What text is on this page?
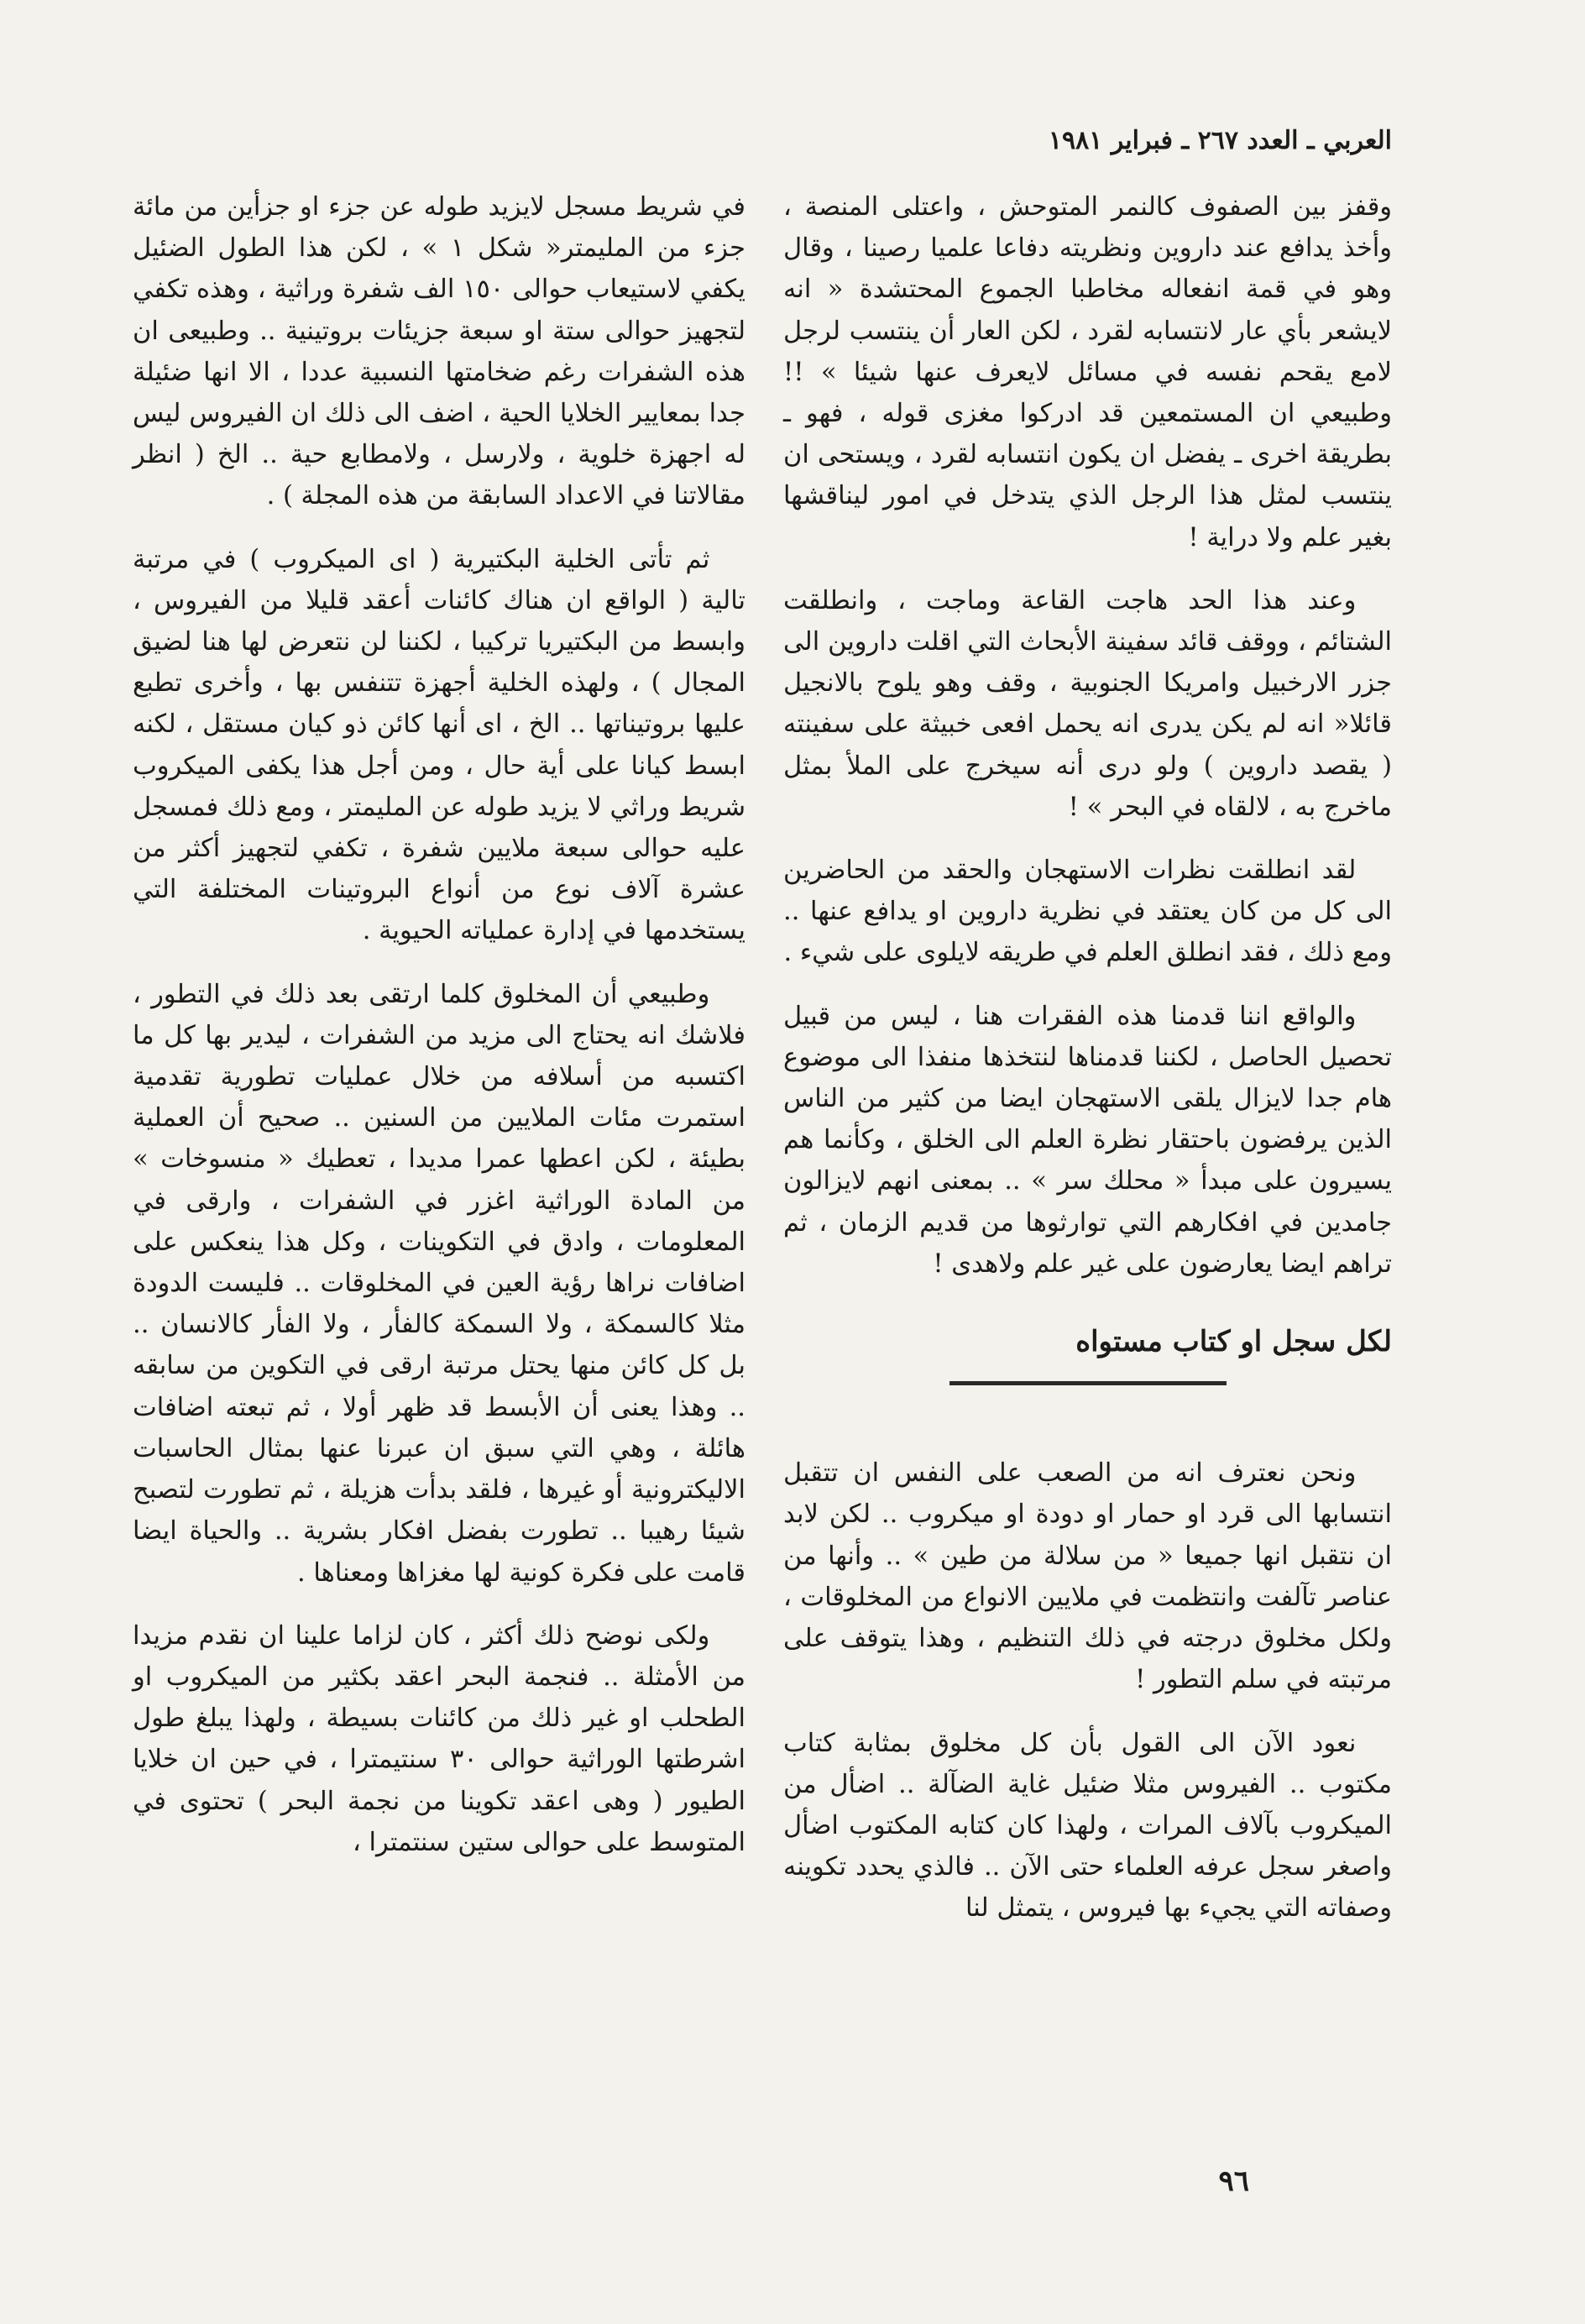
العربي ـ العدد ٢٦٧ ـ فبراير ١٩٨١

وقفز بين الصفوف كالنمر المتوحش ، واعتلى المنصة ، وأخذ يدافع عند داروين ونظريته دفاعا علميا رصينا ، وقال وهو في قمة انفعاله مخاطبا الجموع المحتشدة « انه لايشعر بأي عار لانتسابه لقرد ، لكن العار أن ينتسب لرجل لامع يقحم نفسه في مسائل لايعرف عنها شيئا » !! وطبيعي ان المستمعين قد ادركوا مغزى قوله ، فهو ـ بطريقة اخرى ـ يفضل ان يكون انتسابه لقرد ، ويستحى ان ينتسب لمثل هذا الرجل الذي يتدخل في امور ليناقشها بغير علم ولا دراية !

وعند هذا الحد هاجت القاعة وماجت ، وانطلقت الشتائم ، ووقف قائد سفينة الأبحاث التي اقلت داروين الى جزر الارخبيل وامريكا الجنوبية ، وقف وهو يلوح بالانجيل قائلا« انه لم يكن يدرى انه يحمل افعى خبيثة على سفينته ( يقصد داروين ) ولو درى أنه سيخرج على الملأ بمثل ماخرج به ، لالقاه في البحر » !

لقد انطلقت نظرات الاستهجان والحقد من الحاضرين الى كل من كان يعتقد في نظرية داروين او يدافع عنها .. ومع ذلك ، فقد انطلق العلم في طريقه لايلوى على شيء .

والواقع اننا قدمنا هذه الفقرات هنا ، ليس من قبيل تحصيل الحاصل ، لكننا قدمناها لنتخذها منفذا الى موضوع هام جدا لايزال يلقى الاستهجان ايضا من كثير من الناس الذين يرفضون باحتقار نظرة العلم الى الخلق ، وكأنما هم يسيرون على مبدأ « محلك سر » .. بمعنى انهم لايزالون جامدين في افكارهم التي توارثوها من قديم الزمان ، ثم تراهم ايضا يعارضون على غير علم ولاهدى !

لكل سجل او كتاب مستواه

ونحن نعترف انه من الصعب على النفس ان تتقبل انتسابها الى قرد او حمار او دودة او ميكروب .. لكن لابد ان نتقبل انها جميعا « من سلالة من طين » .. وأنها من عناصر تآلفت وانتظمت في ملايين الانواع من المخلوقات ، ولكل مخلوق درجته في ذلك التنظيم ، وهذا يتوقف على مرتبته في سلم التطور !

نعود الآن الى القول بأن كل مخلوق بمثابة كتاب مكتوب .. الفيروس مثلا ضئيل غاية الضآلة .. اضأل من الميكروب بآلاف المرات ، ولهذا كان كتابه المكتوب اضأل واصغر سجل عرفه العلماء حتى الآن .. فالذي يحدد تكوينه وصفاته التي يجيء بها فيروس ، يتمثل لنا

في شريط مسجل لايزيد طوله عن جزء او جزأين من مائة جزء من المليمتر« شكل ١ » ، لكن هذا الطول الضئيل يكفي لاستيعاب حوالى ١٥٠ الف شفرة وراثية ، وهذه تكفي لتجهيز حوالى ستة او سبعة جزيئات بروتينية .. وطبيعى ان هذه الشفرات رغم ضخامتها النسبية عددا ، الا انها ضئيلة جدا بمعايير الخلايا الحية ، اضف الى ذلك ان الفيروس ليس له اجهزة خلوية ، ولارسل ، ولامطابع حية .. الخ ( انظر مقالاتنا في الاعداد السابقة من هذه المجلة ) .

ثم تأتى الخلية البكتيرية ( اى الميكروب ) في مرتبة تالية ( الواقع ان هناك كائنات أعقد قليلا من الفيروس ، وابسط من البكتيريا تركيبا ، لكننا لن نتعرض لها هنا لضيق المجال ) ، ولهذه الخلية أجهزة تتنفس بها ، وأخرى تطبع عليها بروتيناتها .. الخ ، اى أنها كائن ذو كيان مستقل ، لكنه ابسط كيانا على أية حال ، ومن أجل هذا يكفى الميكروب شريط وراثي لا يزيد طوله عن المليمتر ، ومع ذلك فمسجل عليه حوالى سبعة ملايين شفرة ، تكفي لتجهيز أكثر من عشرة آلاف نوع من أنواع البروتينات المختلفة التي يستخدمها في إدارة عملياته الحيوية .

وطبيعي أن المخلوق كلما ارتقى بعد ذلك في التطور ، فلاشك انه يحتاج الى مزيد من الشفرات ، ليدير بها كل ما اكتسبه من أسلافه من خلال عمليات تطورية تقدمية استمرت مئات الملايين من السنين .. صحيح أن العملية بطيئة ، لكن اعطها عمرا مديدا ، تعطيك « منسوخات » من المادة الوراثية اغزر في الشفرات ، وارقى في المعلومات ، وادق في التكوينات ، وكل هذا ينعكس على اضافات نراها رؤية العين في المخلوقات .. فليست الدودة مثلا كالسمكة ، ولا السمكة كالفأر ، ولا الفأر كالانسان .. بل كل كائن منها يحتل مرتبة ارقى في التكوين من سابقه .. وهذا يعنى أن الأبسط قد ظهر أولا ، ثم تبعته اضافات هائلة ، وهي التي سبق ان عبرنا عنها بمثال الحاسبات الاليكترونية أو غيرها ، فلقد بدأت هزيلة ، ثم تطورت لتصبح شيئا رهيبا .. تطورت بفضل افكار بشرية .. والحياة ايضا قامت على فكرة كونية لها مغزاها ومعناها .

ولكى نوضح ذلك أكثر ، كان لزاما علينا ان نقدم مزيدا من الأمثلة .. فنجمة البحر اعقد بكثير من الميكروب او الطحلب او غير ذلك من كائنات بسيطة ، ولهذا يبلغ طول اشرطتها الوراثية حوالى ٣٠ سنتيمترا ، في حين ان خلايا الطيور ( وهى اعقد تكوينا من نجمة البحر ) تحتوى في المتوسط على حوالى ستين سنتمترا ،

٩٦
